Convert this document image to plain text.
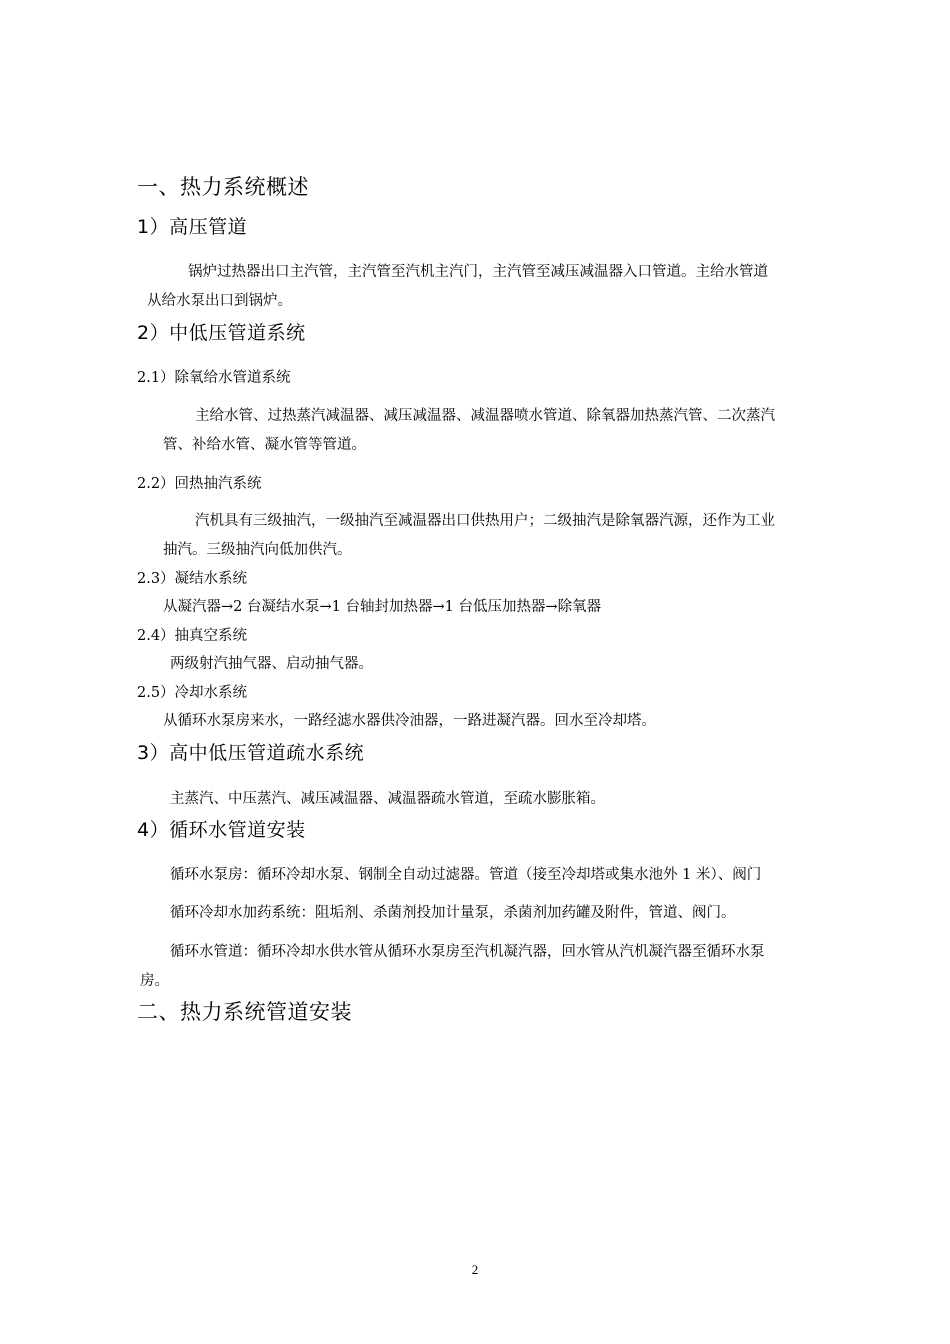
一、热力系统概述
1）高压管道
锅炉过热器出口主汽管，主汽管至汽机主汽门，主汽管至减压减温器入口管道。主给水管道
从给水泵出口到锅炉。
2）中低压管道系统
2.1）除氧给水管道系统
主给水管、过热蒸汽减温器、减压减温器、减温器喷水管道、除氧器加热蒸汽管、二次蒸汽
管、补给水管、凝水管等管道。
2.2）回热抽汽系统
汽机具有三级抽汽，一级抽汽至减温器出口供热用户；二级抽汽是除氧器汽源，还作为工业
抽汽。三级抽汽向低加供汽。
2.3）凝结水系统
从凝汽器→2 台凝结水泵→1 台轴封加热器→1 台低压加热器→除氧器
2.4）抽真空系统
两级射汽抽气器、启动抽气器。
2.5）冷却水系统
从循环水泵房来水，一路经滤水器供冷油器，一路进凝汽器。回水至冷却塔。
3）高中低压管道疏水系统
主蒸汽、中压蒸汽、减压减温器、减温器疏水管道，至疏水膨胀箱。
4）循环水管道安装
循环水泵房：循环冷却水泵、钢制全自动过滤器。管道（接至冷却塔或集水池外 1 米）、阀门
循环冷却水加药系统：阻垢剂、杀菌剂投加计量泵，杀菌剂加药罐及附件，管道、阀门。
循环水管道：循环冷却水供水管从循环水泵房至汽机凝汽器，回水管从汽机凝汽器至循环水泵
房。
二、热力系统管道安装
2
